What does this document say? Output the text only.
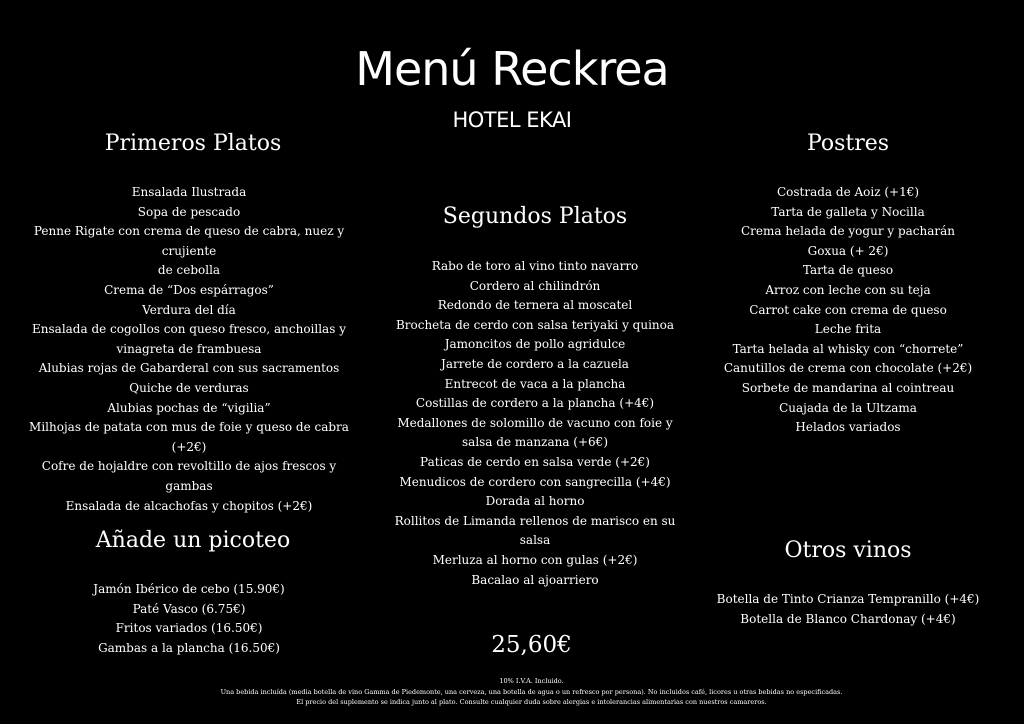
Menú Reckrea
HOTEL EKAI
Primeros Platos
Ensalada Ilustrada
Sopa de pescado
Penne Rigate con crema de queso de cabra, nuez y crujiente
de cebolla
Crema de “Dos espárragos”
Verdura del día
Ensalada de cogollos con queso fresco, anchoillas y
vinagreta de frambuesa
Alubias rojas de Gabarderal con sus sacramentos
Quiche de verduras
Alubias pochas de “vigilia”
Milhojas de patata con mus de foie y queso de cabra (+2€)
Cofre de hojaldre con revoltillo de ajos frescos y gambas
Ensalada de alcachofas y chopitos (+2€)
Añade un picoteo
Jamón Ibérico de cebo (15.90€)
Paté Vasco (6.75€)
Fritos variados (16.50€)
Gambas a la plancha (16.50€)
Segundos Platos
Rabo de toro al vino tinto navarro
Cordero al chilindrón
Redondo de ternera al moscatel
Brocheta de cerdo con salsa teriyaki y quinoa
Jamoncitos de pollo agridulce
Jarrete de cordero a la cazuela
Entrecot de vaca a la plancha
Costillas de cordero a la plancha (+4€)
Medallones de solomillo de vacuno con foie y
salsa de manzana (+6€)
Paticas de cerdo en salsa verde (+2€)
Menudicos de cordero con sangrecilla (+4€)
Dorada al horno
Rollitos de Limanda rellenos de marisco en su salsa
Merluza al horno con gulas (+2€)
Bacalao al ajoarriero
Postres
Costrada de Aoiz (+1€)
Tarta de galleta y Nocilla
Crema helada de yogur y pacharán
Goxua (+ 2€)
Tarta de queso
Arroz con leche con su teja
Carrot cake con crema de queso
Leche frita
Tarta helada al whisky con “chorrete”
Canutillos de crema con chocolate (+2€)
Sorbete de mandarina al cointreau
Cuajada de la Ultzama
Helados variados
Otros vinos
Botella de Tinto Crianza Tempranillo (+4€)
Botella de Blanco Chardonay (+4€)
25,60€
10% I.V.A. Incluido.
Una bebida incluída (media botella de vino Gamma de Piedemonte, una cerveza, una botella de agua o un refresco por persona). No incluidos café, licores u otras bebidas no especificadas.
El precio del suplemento se indica junto al plato. Consulte cualquier duda sobre alergias e intolerancias alimentarias con nuestros camareros.
